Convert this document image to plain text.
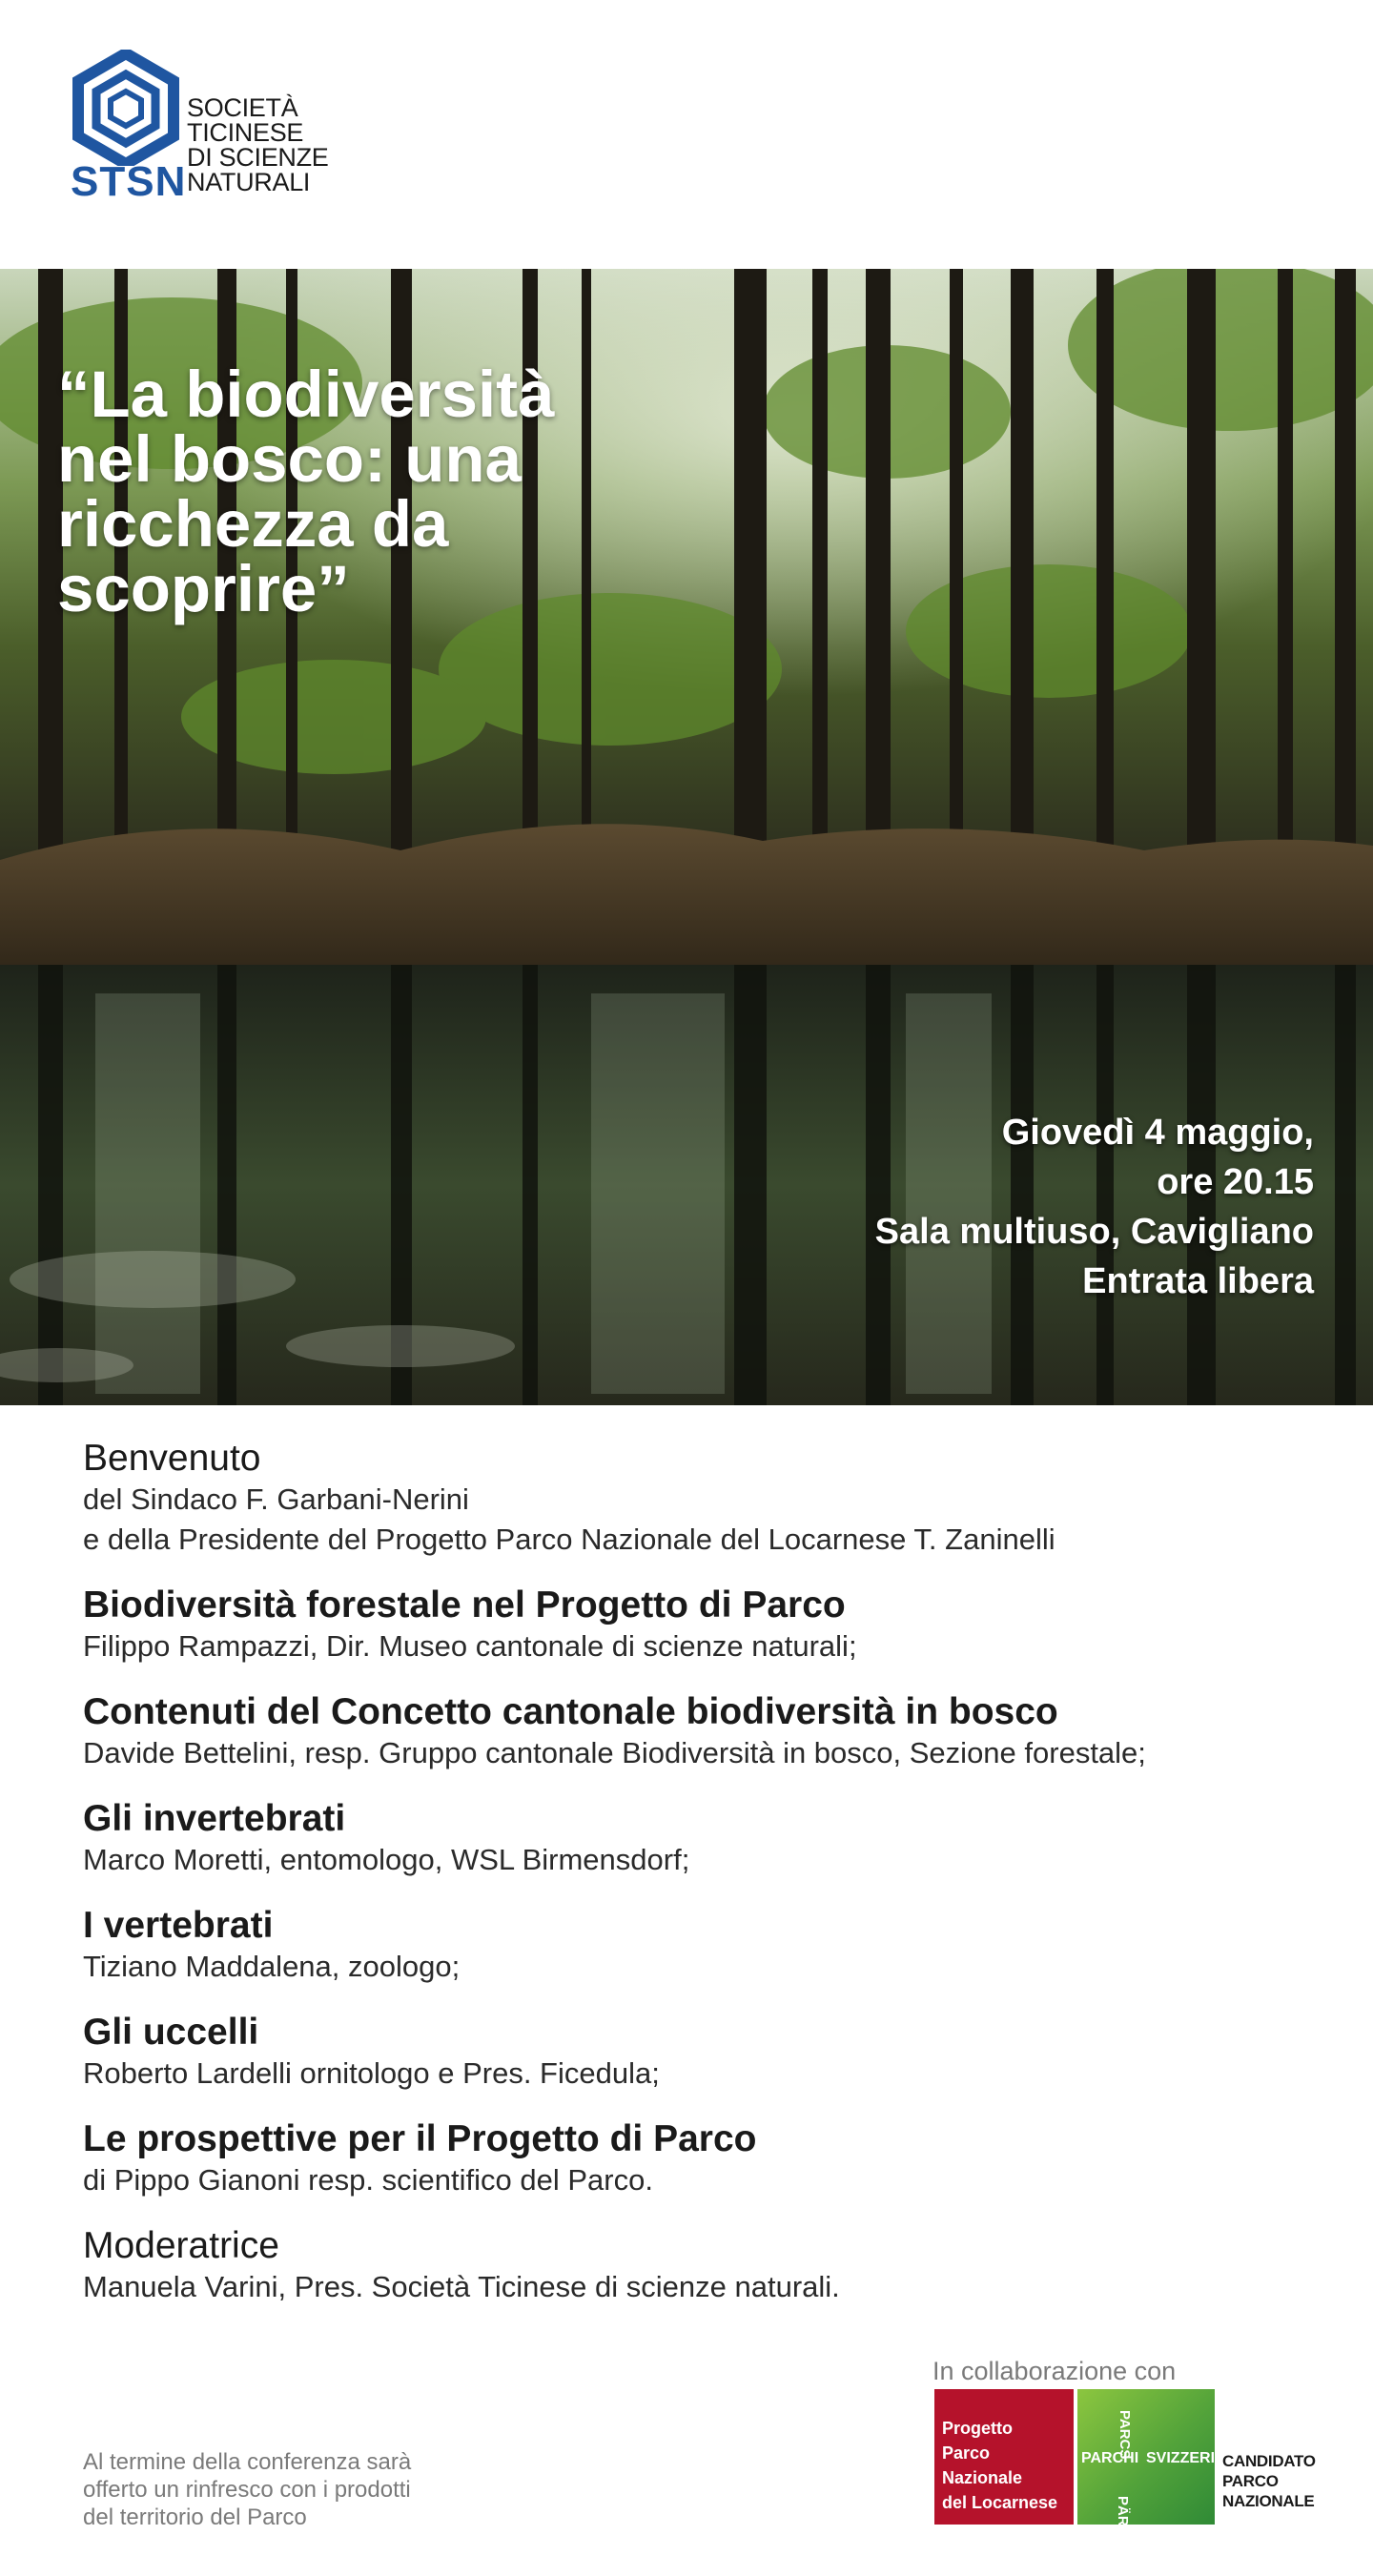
STSN
SOCIETÀ
TICINESE
DI SCIENZE
NATURALI
“La biodiversità nel bosco: una ricchezza da scoprire”
Giovedì 4 maggio,
ore 20.15
Sala multiuso, Cavigliano
Entrata libera
Benvenuto

del Sindaco F. Garbani-Nerini

e della Presidente del Progetto Parco Nazionale del Locarnese T. Zaninelli

Biodiversità forestale nel Progetto di Parco

Filippo Rampazzi, Dir. Museo cantonale di scienze naturali;

Contenuti del Concetto cantonale biodiversità in bosco

Davide Bettelini, resp. Gruppo cantonale Biodiversità in bosco, Sezione forestale;

Gli invertebrati

Marco Moretti, entomologo, WSL Birmensdorf;

I vertebrati

Tiziano Maddalena, zoologo;

Gli uccelli

Roberto Lardelli ornitologo e Pres. Ficedula;

Le prospettive per il Progetto di Parco

di Pippo Gianoni resp. scientifico del Parco.

Moderatrice

Manuela Varini, Pres. Società Ticinese di scienze naturali.

Al termine della conferenza sarà
offerto un rinfresco con i prodotti
del territorio del Parco
In collaborazione con
Progetto
Parco Nazionale
del Locarnese
PARCS
PARCHI SVIZZERI
PÄRKE
CANDIDATO
PARCO
NAZIONALE
